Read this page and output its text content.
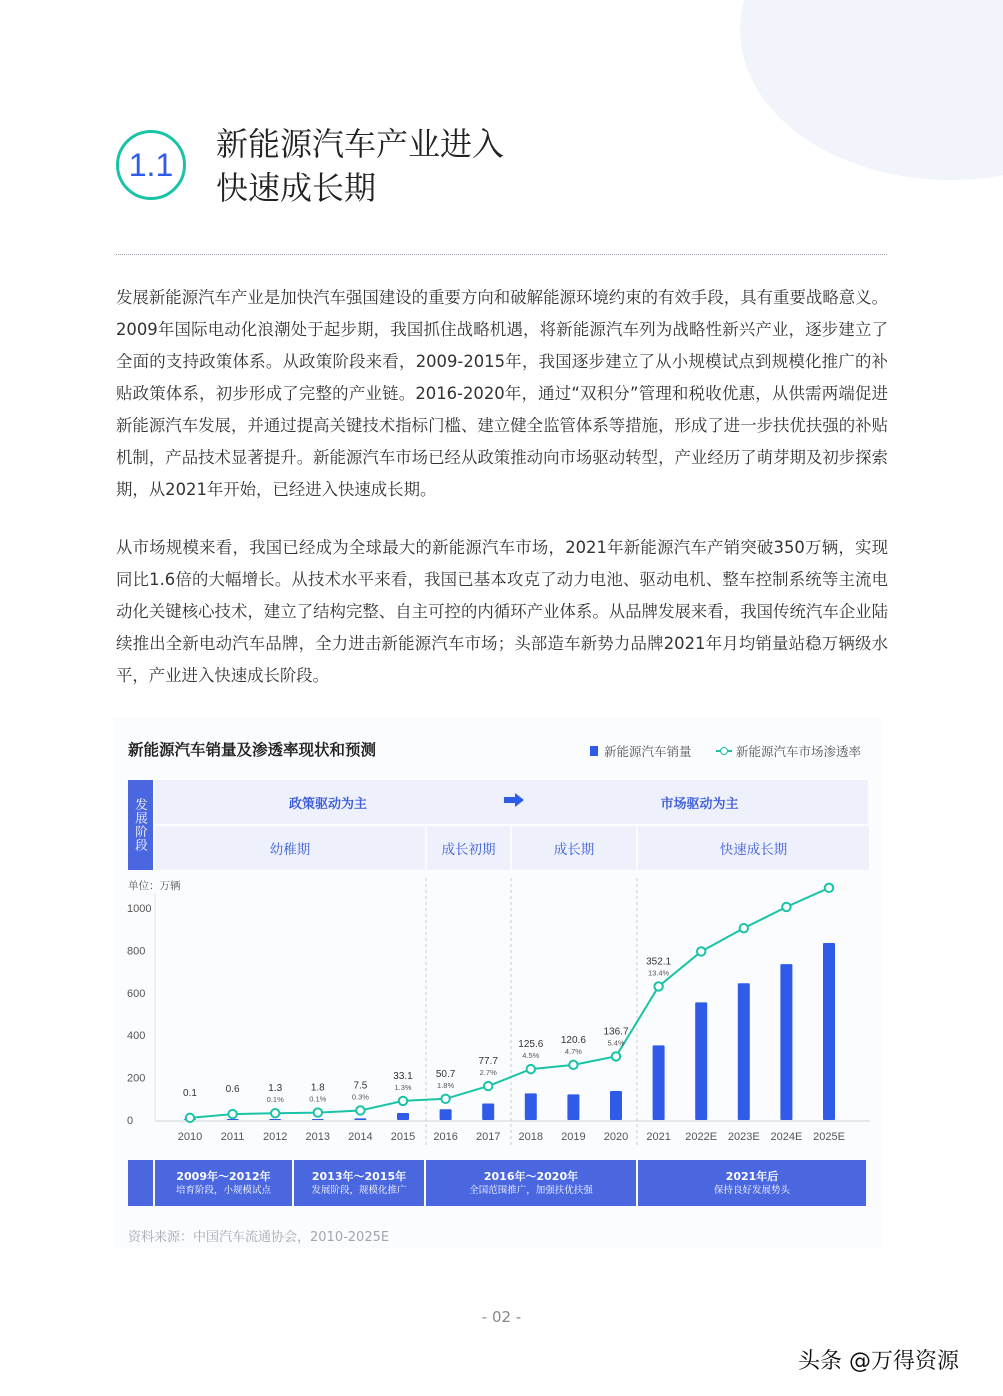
1.1
新能源汽车产业进入
快速成长期

发展新能源汽车产业是加快汽车强国建设的重要方向和破解能源环境约束的有效手段，具有重要战略意义。2009年国际电动化浪潮处于起步期，我国抓住战略机遇，将新能源汽车列为战略性新兴产业，逐步建立了全面的支持政策体系。从政策阶段来看，2009-2015年，我国逐步建立了从小规模试点到规模化推广的补贴政策体系，初步形成了完整的产业链。2016-2020年，通过“双积分”管理和税收优惠，从供需两端促进新能源汽车发展，并通过提高关键技术指标门槛、建立健全监管体系等措施，形成了进一步扶优扶强的补贴机制，产品技术显著提升。新能源汽车市场已经从政策推动向市场驱动转型，产业经历了萌芽期及初步探索期，从2021年开始，已经进入快速成长期。

从市场规模来看，我国已经成为全球最大的新能源汽车市场，2021年新能源汽车产销突破350万辆，实现同比1.6倍的大幅增长。从技术水平来看，我国已基本攻克了动力电池、驱动电机、整车控制系统等主流电动化关键核心技术，建立了结构完整、自主可控的内循环产业体系。从品牌发展来看，我国传统汽车企业陆续推出全新电动汽车品牌，全力进击新能源汽车市场；头部造车新势力品牌2021年月均销量站稳万辆级水平，产业进入快速成长阶段。

新能源汽车销量及渗透率现状和预测	新能源汽车销量	新能源汽车市场渗透率
发展阶段	政策驱动为主	市场驱动为主
幼稚期	成长初期	成长期	快速成长期
单位：万辆
0
200
400
600
800
1000
0.1	0.6	1.3
0.1%
1.8
0.1%
7.5
0.3%
33.1
1.3%
50.7
1.8%
77.7
2.7%
125.6
4.5%
120.6
4.7%
136.7
5.4%
352.1
13.4%
2010 2011 2012 2013 2014 2015 2016 2017 2018 2019 2020 2021 2022E 2023E 2024E 2025E
2009年～2012年
培育阶段，小规模试点
2013年～2015年
发展阶段，规模化推广
2016年～2020年
全国范围推广，加强扶优扶强
2021年后
保持良好发展势头
资料来源：中国汽车流通协会，2010-2025E
- 02 -
头条 @万得资源
